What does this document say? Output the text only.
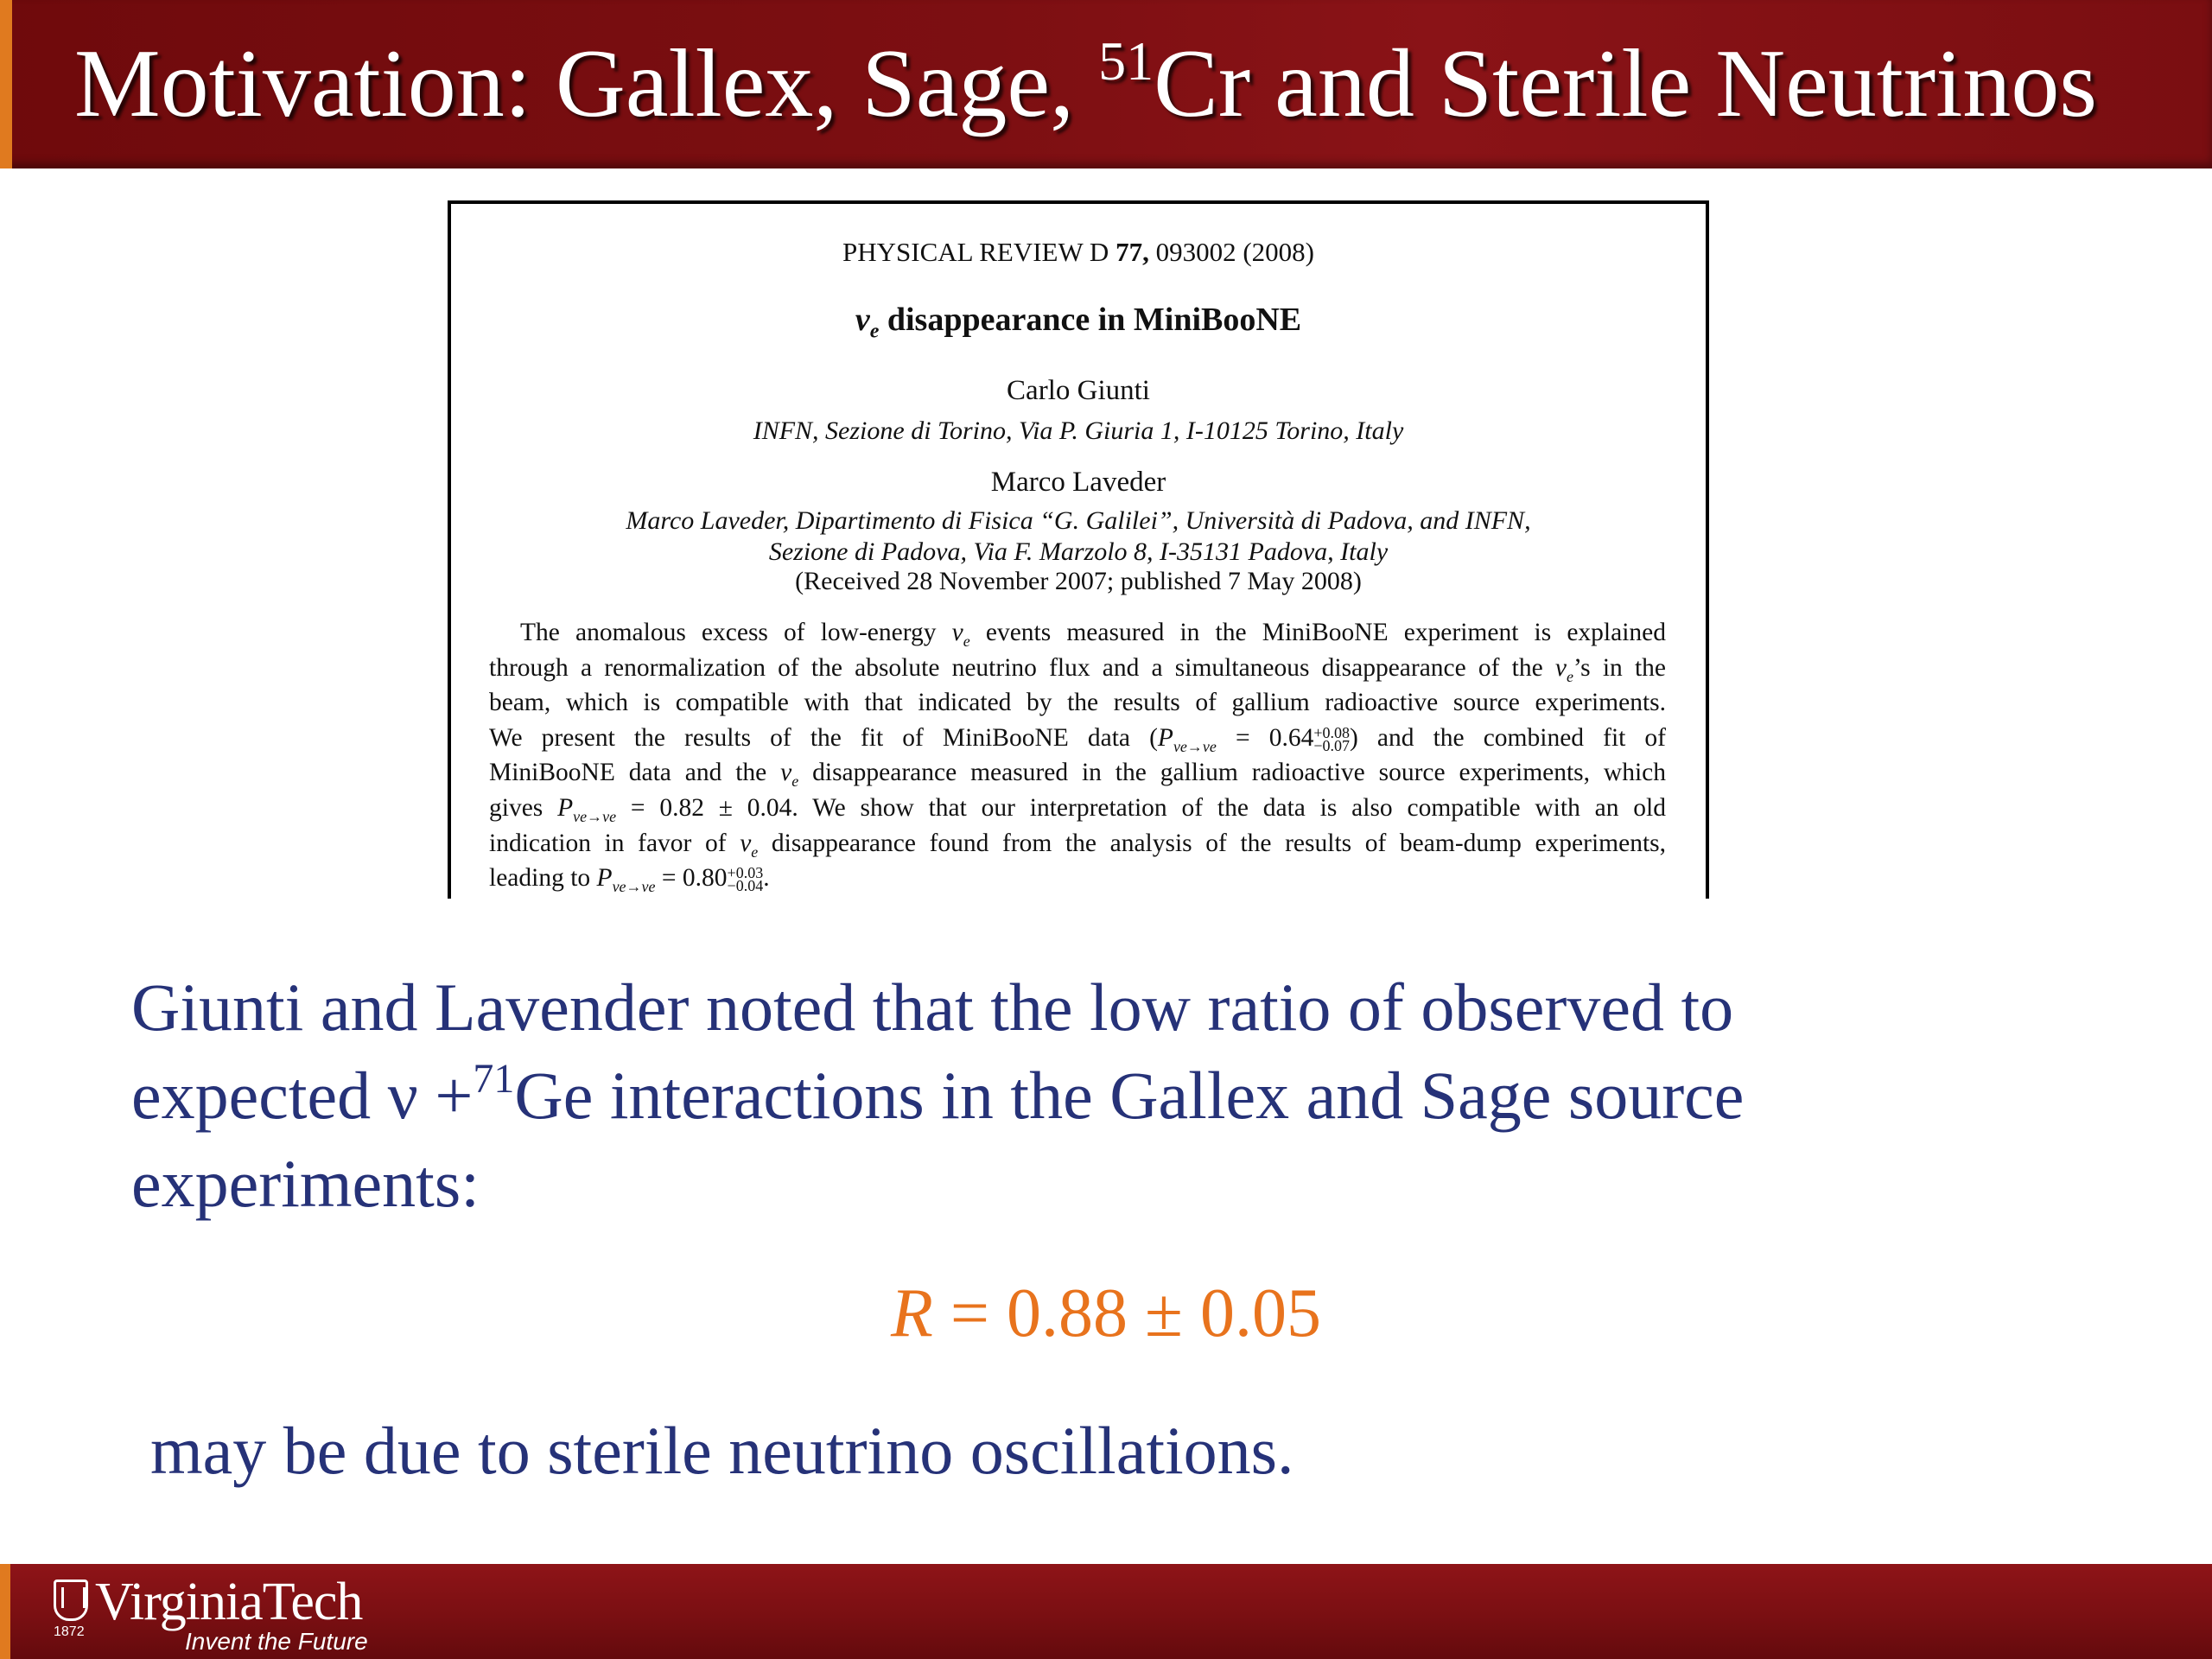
Motivation: Gallex, Sage, $^{51}$Cr and Sterile Neutrinos
PHYSICAL REVIEW D 77, 093002 (2008)
$\nu_e$ disappearance in MiniBooNE
Carlo Giunti
INFN, Sezione di Torino, Via P. Giuria 1, I-10125 Torino, Italy
Marco Laveder
Marco Laveder, Dipartimento di Fisica “G. Galilei”, Università di Padova, and INFN,
Sezione di Padova, Via F. Marzolo 8, I-35131 Padova, Italy
(Received 28 November 2007; published 7 May 2008)
The anomalous excess of low-energy $\nu_e$ events measured in the MiniBooNE experiment is explained
through a renormalization of the absolute neutrino flux and a simultaneous disappearance of the $\nu_e’s$ in the
beam, which is compatible with that indicated by the results of gallium radioactive source experiments.
We present the results of the fit of MiniBooNE data ($P_{\nu e\to\nu e} = 0.64+0.08$
−0.07) and the combined fit of
MiniBooNE data and the $\nu_e$ disappearance measured in the gallium radioactive source experiments, which
gives $P_{\nu e\to\nu e} = 0.82 \pm 0.04$. We show that our interpretation of the data is also compatible with an old
indication in favor of $\nu_e$ disappearance found from the analysis of the results of beam-dump experiments,
leading to $P_{\nu e\to\nu e} = 0.80+0.03$
−0.04.
Giunti and Lavender noted that the low ratio of observed to
expected ν +$^{71}$Ge interactions in the Gallex and Sage source
experiments:
R = 0.88 ± 0.05
may be due to sterile neutrino oscillations.
1872
VirginiaTech
Invent the Future
